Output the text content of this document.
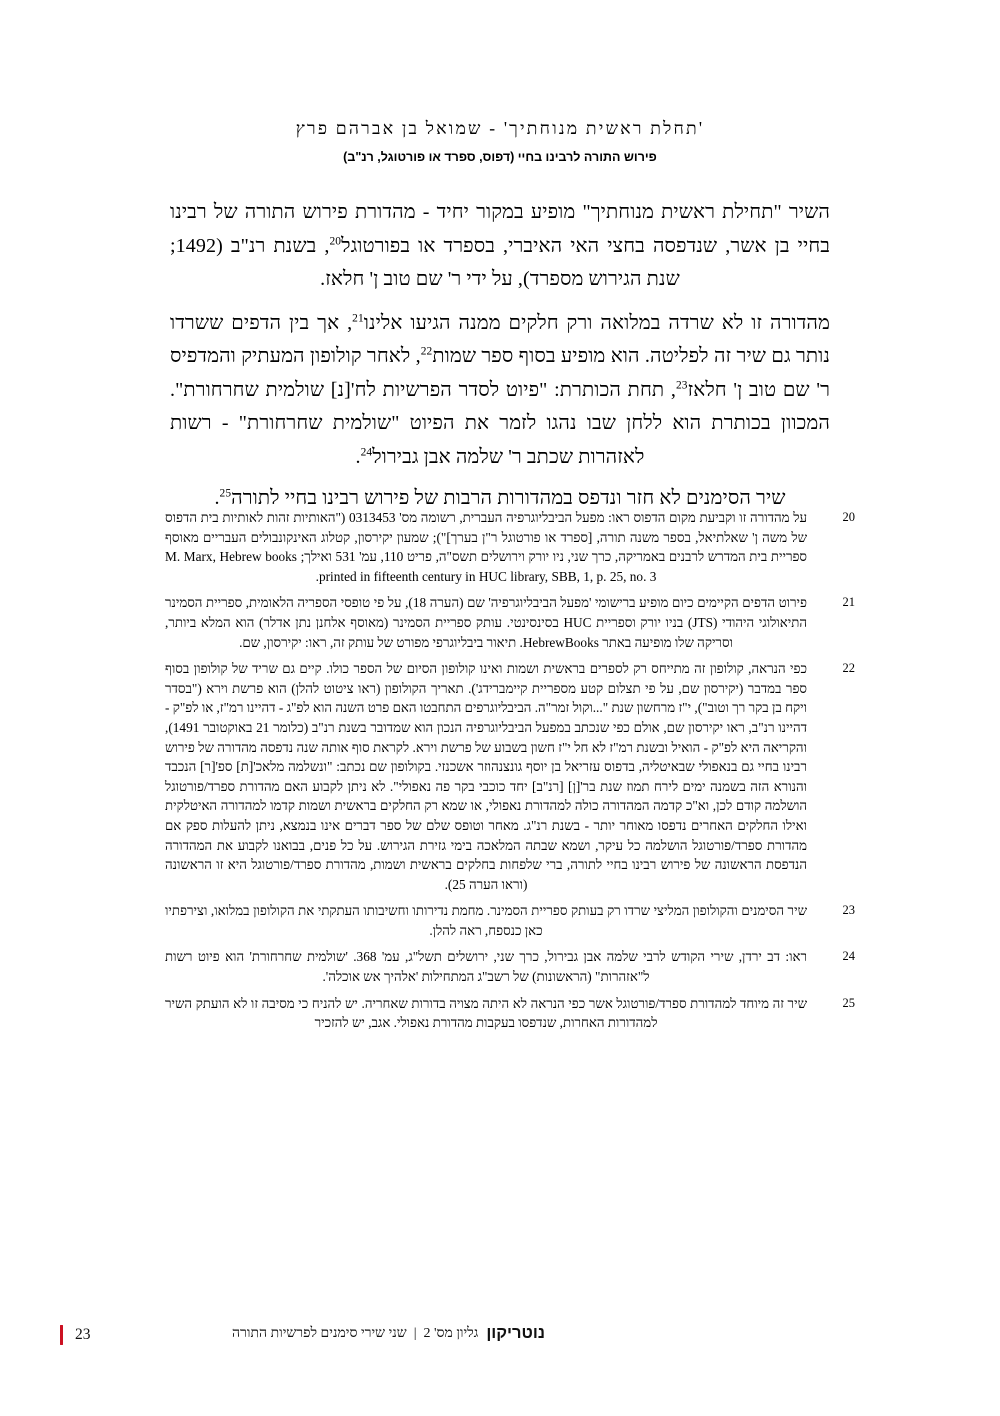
'תחלת ראשית מנוחתיך' - שמואל בן אברהם פרץ
פירוש התורה לרבינו בחיי (דפוס, ספרד או פורטוגל, רנ"ב)

השיר "תחילת ראשית מנוחתיך" מופיע במקור יחיד - מהדורת פירוש התורה של רבינו בחיי בן אשר, שנדפסה בחצי האי האיברי, בספרד או בפורטוגל$^{20}$, בשנת רנ"ב (1492; שנת הגירוש מספרד), על ידי ר' שם טוב ן' חלאז.

מהדורה זו לא שרדה במלואה ורק חלקים ממנה הגיעו אלינו$^{21}$, אך בין הדפים ששרדו נותר גם שיר זה לפליטה. הוא מופיע בסוף ספר שמות$^{22}$, לאחר קולופון המעתיק והמדפיס ר' שם טוב ן' חלאז$^{23}$, תחת הכותרת: "פיוט לסדר הפרשיות לח'[נ] שולמית שחרחורת". המכוון בכותרת הוא ללחן שבו נהגו לזמר את הפיוט "שולמית שחרחורת" - רשות לאזהרות שכתב ר' שלמה אבן גבירול$^{24}$.

שיר הסימנים לא חזר ונדפס במהדורות הרבות של פירוש רבינו בחיי לתורה$^{25}$.

20
על מהדורה זו וקביעת מקום הדפוס ראו: מפעל הביבליוגרפיה העברית, רשומה מס' 0313453 ("האותיות זהות לאותיות בית הדפוס של משה ן' שאלתיאל, בספר משנה תורה, [ספרד או פורטוגל ר"ן בערך]"); שמעון יקירסון, קטלוג האינקונבולים העבריים מאוסף ספריית בית המדרש לרבנים באמריקה, כרך שני, ניו יורק וירושלים תשס"ה, פריט 110, עמ' 531 ואילך; M. Marx, Hebrew books printed in fifteenth century in HUC library, SBB, 1, p. 25, no. 3.
21
פירוט הדפים הקיימים כיום מופיע ברישומי 'מפעל הביבליוגרפיה' שם (הערה 18), על פי טופסי הספריה הלאומית, ספריית הסמינר התיאולוגי היהודי (JTS) בניו יורק וספריית HUC בסינסינטי. עותק ספריית הסמינר (מאוסף אלחנן נתן אדלר) הוא המלא ביותר, וסריקה שלו מופיעה באתר HebrewBooks. תיאור ביבליוגרפי מפורט של עותק זה, ראו: יקירסון, שם.
22
כפי הנראה, קולופון זה מתייחס רק לספרים בראשית ושמות ואינו קולופון הסיום של הספר כולו. קיים גם שריד של קולופון בסוף ספר במדבר (יקירסון שם, על פי תצלום קטע מספריית קיימברידג'). תאריך הקולופון (ראו ציטוט להלן) הוא פרשת וירא ("בסדר ויקח בן בקר רך וטוב"), י"ז מרחשון שנת "...וקול זמר"ה. הביבליוגרפים התחבטו האם פרט השנה הוא לפ"ג - דהיינו רמ"ז, או לפ"ק - דהיינו רנ"ב, ראו יקירסון שם, אולם כפי שנכתב במפעל הביבליוגרפיה הנכון הוא שמדובר בשנת רנ"ב (כלומר 21 באוקטובר 1491), והקריאה היא לפ"ק - הואיל ובשנת רמ"ז לא חל י"ז חשון בשבוע של פרשת וירא. לקראת סוף אותה שנה נדפסה מהדורה של פירוש רבינו בחיי גם בנאפולי שבאיטליה, בדפוס עזריאל בן יוסף גונצנהוזר אשכנזי. בקולופון שם נכתב: "ונשלמה מלאכ'[ת] ספ'[ר] הנכבד והנורא הזה בשמנה ימים לירח תמוז שנת בר'[ן] [רנ"ב] יחד כוכבי בקר פה נאפולי". לא ניתן לקבוע האם מהדורת ספרד/פורטוגל הושלמה קודם לכן, וא"כ קדמה המהדורה כולה למהדורת נאפולי, או שמא רק החלקים בראשית ושמות קדמו למהדורה האיטלקית ואילו החלקים האחרים נדפסו מאוחר יותר - בשנת רנ"ג. מאחר וטופס שלם של ספר דברים אינו בנמצא, ניתן להעלות ספק אם מהדורת ספרד/פורטוגל הושלמה כל עיקר, ושמא שבתה המלאכה בימי גזירת הגירוש. על כל פנים, בבואנו לקבוע את המהדורה הנדפסת הראשונה של פירוש רבינו בחיי לתורה, ברי שלפחות בחלקים בראשית ושמות, מהדורת ספרד/פורטוגל היא זו הראשונה (וראו הערה 25).
23
שיר הסימנים והקולופון המליצי שרדו רק בעותק ספריית הסמינר. מחמת נדירותו וחשיבותו העתקתי את הקולופון במלואו, וצירפתיו כאן כנספח, ראה להלן.
24
ראו: דב ירדן, שירי הקודש לרבי שלמה אבן גבירול, כרך שני, ירושלים תשל"ג, עמ' 368. 'שולמית שחרחורת' הוא פיוט רשות ל"אזהרות" (הראשונות) של רשב"ג המתחילות 'אלהיך אש אוכלה'.
25
שיר זה מיוחד למהדורת ספרד/פורטוגל אשר כפי הנראה לא היתה מצויה בדורות שאחריה. יש להניח כי מסיבה זו לא הועתק השיר למהדורות האחרות, שנדפסו בעקבות מהדורת נאפולי. אגב, יש להזכיר
נוטריקון
גליון מס' 2
|
שני שירי סימנים לפרשיות התורה
23
